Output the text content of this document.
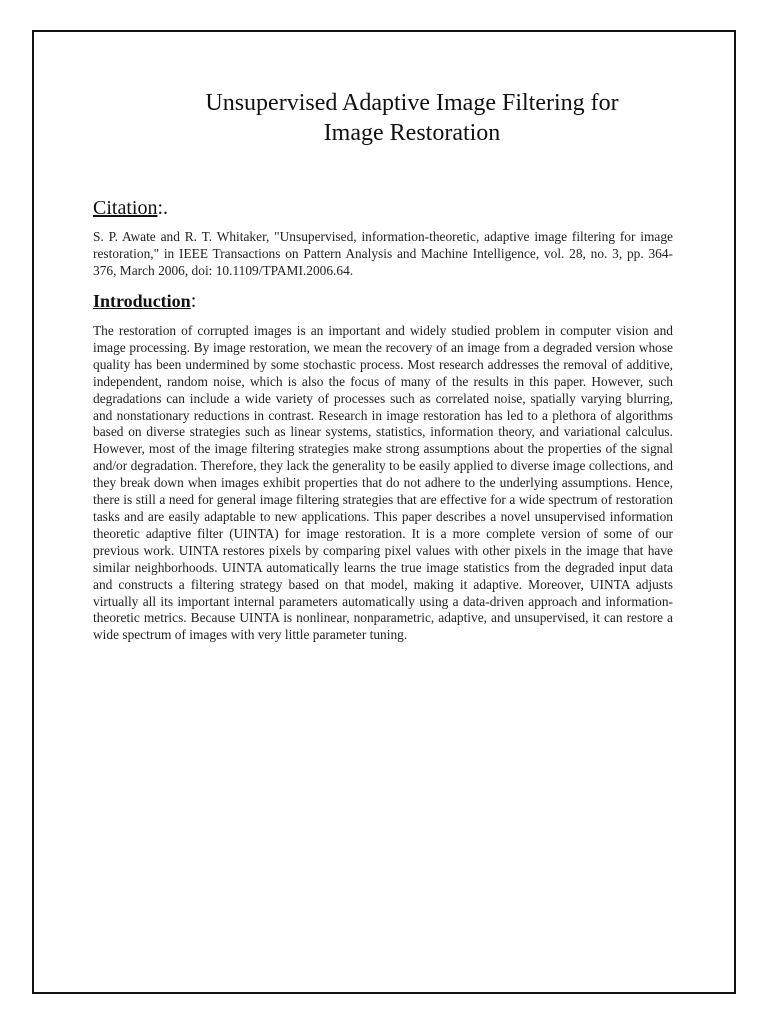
Unsupervised Adaptive Image Filtering for
Image Restoration
Citation:.

S. P. Awate and R. T. Whitaker, "Unsupervised, information-theoretic, adaptive image filtering for image restoration," in IEEE Transactions on Pattern Analysis and Machine Intelligence, vol. 28, no. 3, pp. 364-376, March 2006, doi: 10.1109/TPAMI.2006.64.

Introduction:

The restoration of corrupted images is an important and widely studied problem in computer vision and image processing. By image restoration, we mean the recovery of an image from a degraded version whose quality has been undermined by some stochastic process. Most research addresses the removal of additive, independent, random noise, which is also the focus of many of the results in this paper. However, such degradations can include a wide variety of processes such as correlated noise, spatially varying blurring, and nonstationary reductions in contrast. Research in image restoration has led to a plethora of algorithms based on diverse strategies such as linear systems, statistics, information theory, and variational calculus. However, most of the image filtering strategies make strong assumptions about the properties of the signal and/or degradation. Therefore, they lack the generality to be easily applied to diverse image collections, and they break down when images exhibit properties that do not adhere to the underlying assumptions. Hence, there is still a need for general image filtering strategies that are effective for a wide spectrum of restoration tasks and are easily adaptable to new applications. This paper describes a novel unsupervised information theoretic adaptive filter (UINTA) for image restoration. It is a more complete version of some of our previous work. UINTA restores pixels by comparing pixel values with other pixels in the image that have similar neighborhoods. UINTA automatically learns the true image statistics from the degraded input data and constructs a filtering strategy based on that model, making it adaptive. Moreover, UINTA adjusts virtually all its important internal parameters automatically using a data-driven approach and information-theoretic metrics. Because UINTA is nonlinear, nonparametric, adaptive, and unsupervised, it can restore a wide spectrum of images with very little parameter tuning.
